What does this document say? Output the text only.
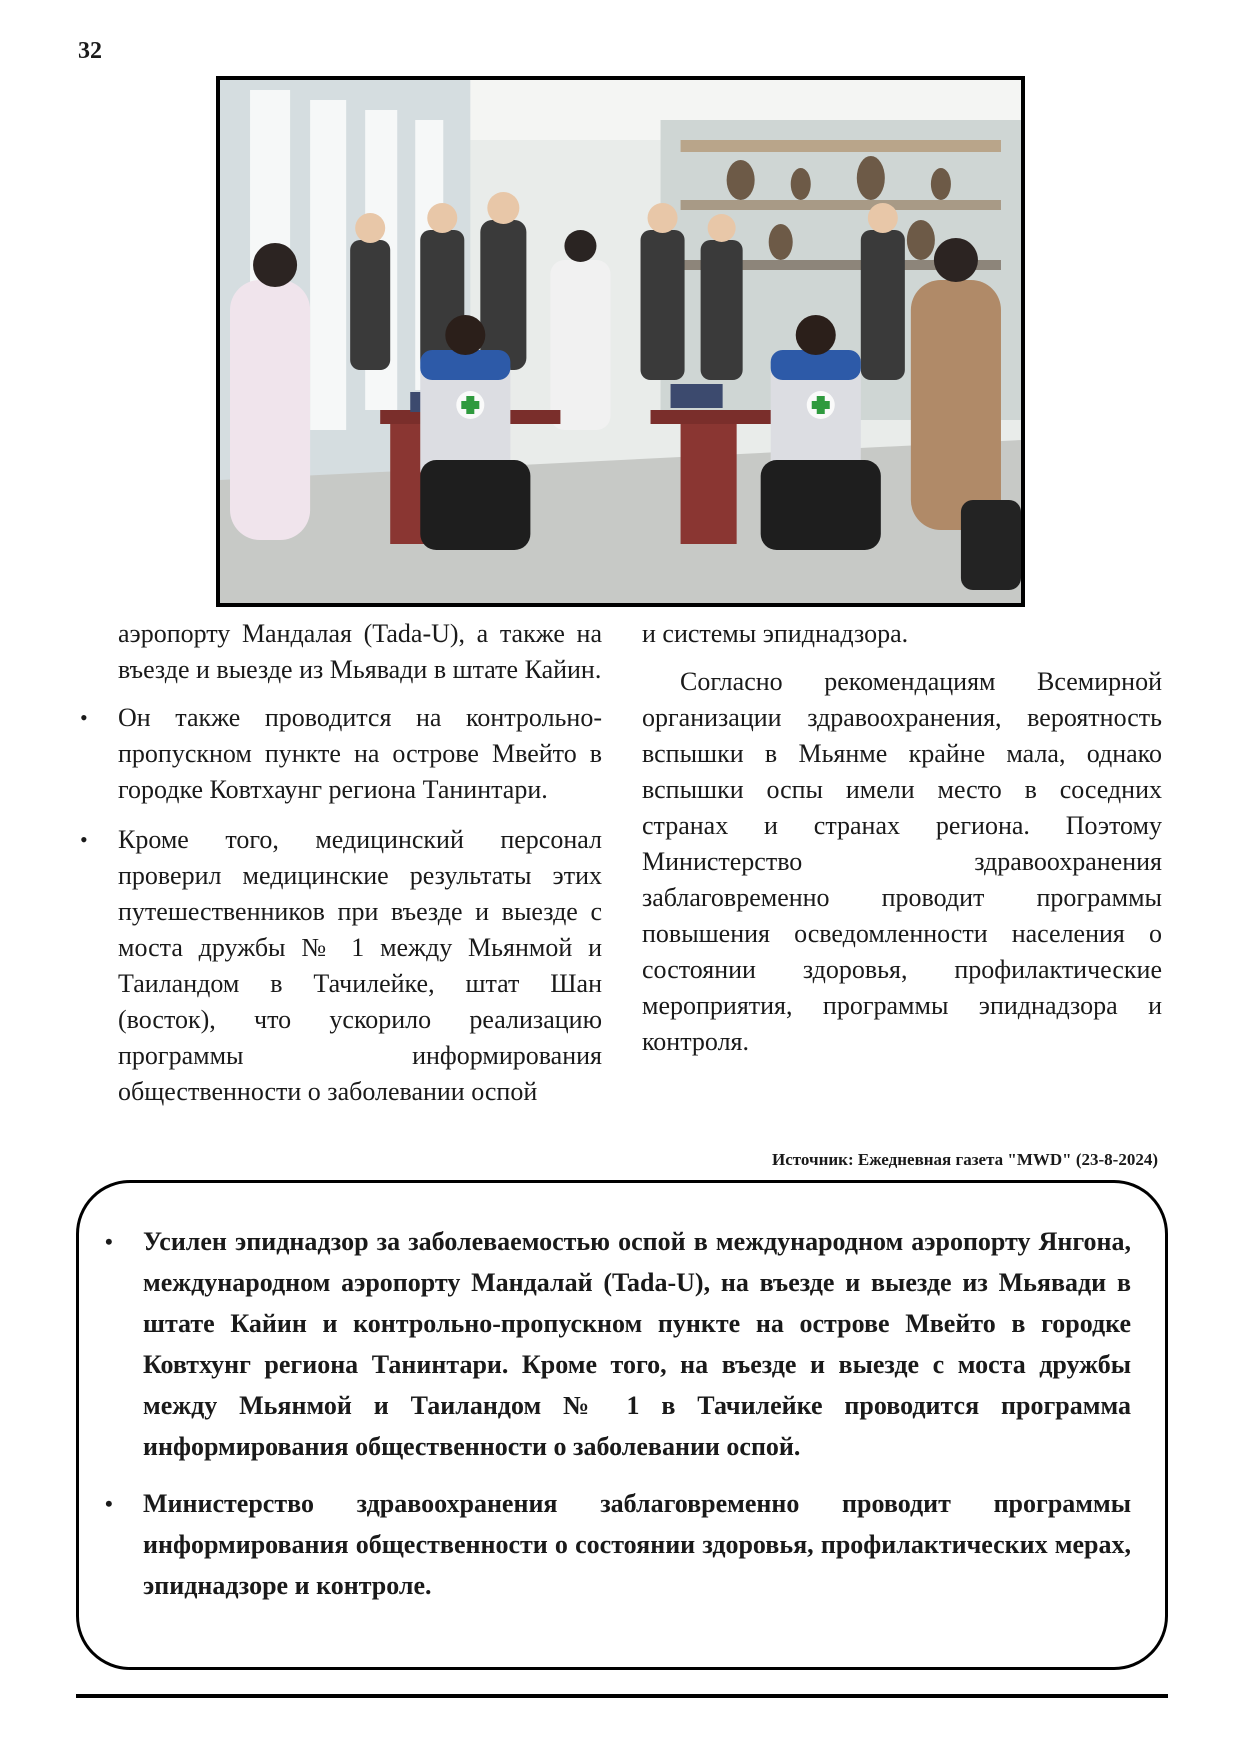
32

аэропорту Мандалая (Tada-U), а также на въезде и выезде из Мьявади в штате Кайин.

• Он также проводится на контрольно-пропускном пункте на острове Мвейто в городке Ковтхаунг региона Танинтари.
• Кроме того, медицинский персонал проверил медицинские результаты этих путешественников при въезде и выезде с моста дружбы № 1 между Мьянмой и Таиландом в Тачилейке, штат Шан (восток), что ускорило реализацию программы информирования общественности о заболевании оспой

и системы эпиднадзора.

Согласно рекомендациям Всемирной организации здравоохранения, вероятность вспышки в Мьянме крайне мала, однако вспышки оспы имели место в соседних странах и странах региона. Поэтому Министерство здравоохранения заблаговременно проводит программы повышения осведомленности населения о состоянии здоровья, профилактические мероприятия, программы эпиднадзора и контроля.

Источник: Ежедневная газета "MWD" (23-8-2024)
• Усилен эпиднадзор за заболеваемостью оспой в международном аэропорту Янгона, международном аэропорту Мандалай (Tada-U), на въезде и выезде из Мьявади в штате Кайин и контрольно-пропускном пункте на острове Мвейто в городке Ковтхунг региона Танинтари. Кроме того, на въезде и выезде с моста дружбы между Мьянмой и Таиландом № 1 в Тачилейке проводится программа информирования общественности о заболевании оспой.
• Министерство здравоохранения заблаговременно проводит программы информирования общественности о состоянии здоровья, профилактических мерах, эпиднадзоре и контроле.
